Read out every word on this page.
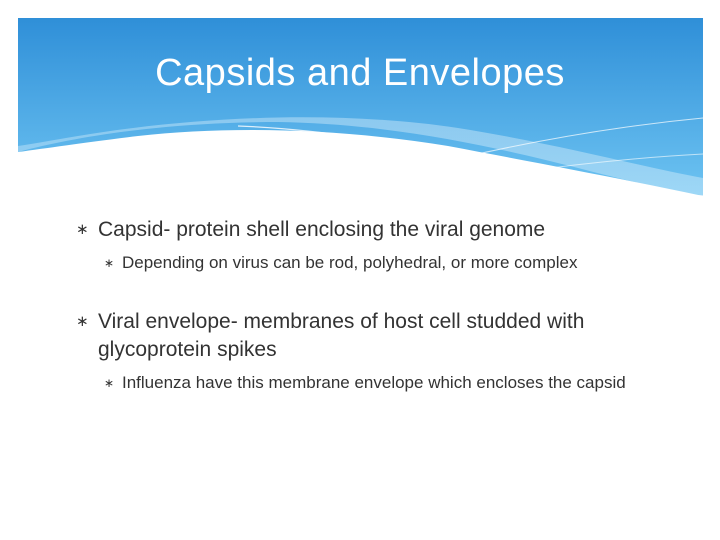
Capsids and Envelopes
∗ Capsid- protein shell enclosing the viral genome
∗ Depending on virus can be rod, polyhedral, or more complex
∗ Viral envelope- membranes of host cell studded with glycoprotein spikes
∗ Influenza have this membrane envelope which encloses the capsid
